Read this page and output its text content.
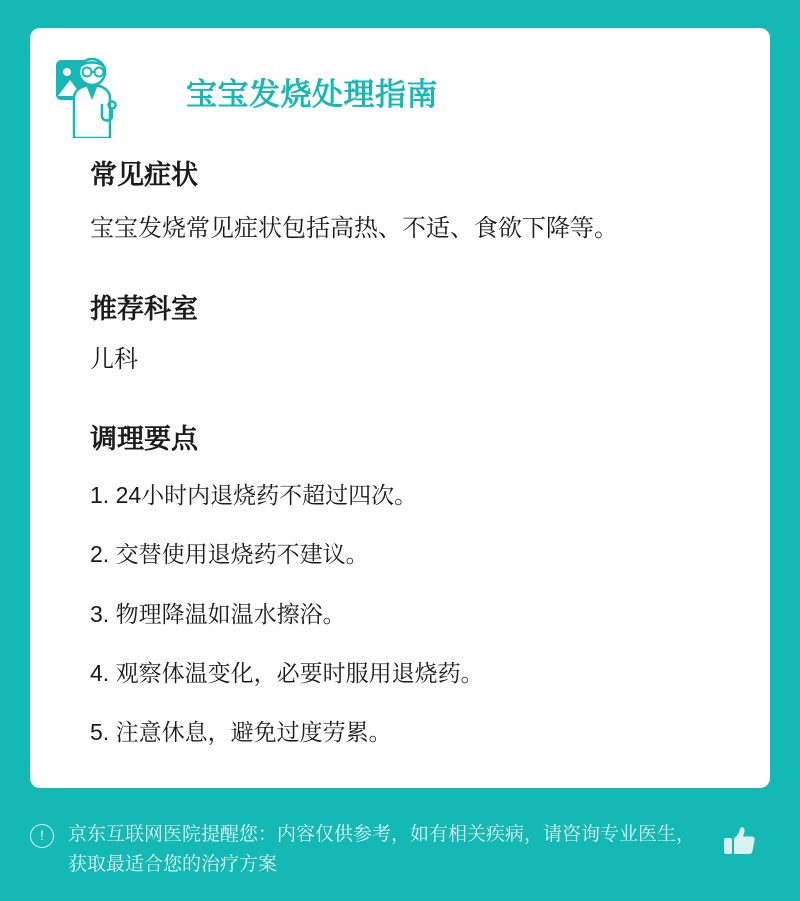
宝宝发烧处理指南
常见症状

宝宝发烧常见症状包括高热、不适、食欲下降等。

推荐科室

儿科

调理要点
1. 24小时内退烧药不超过四次。
2. 交替使用退烧药不建议。
3. 物理降温如温水擦浴。
4. 观察体温变化，必要时服用退烧药。
5. 注意休息，避免过度劳累。
!	京东互联网医院提醒您：内容仅供参考，如有相关疾病，请咨询专业医生，获取最适合您的治疗方案
